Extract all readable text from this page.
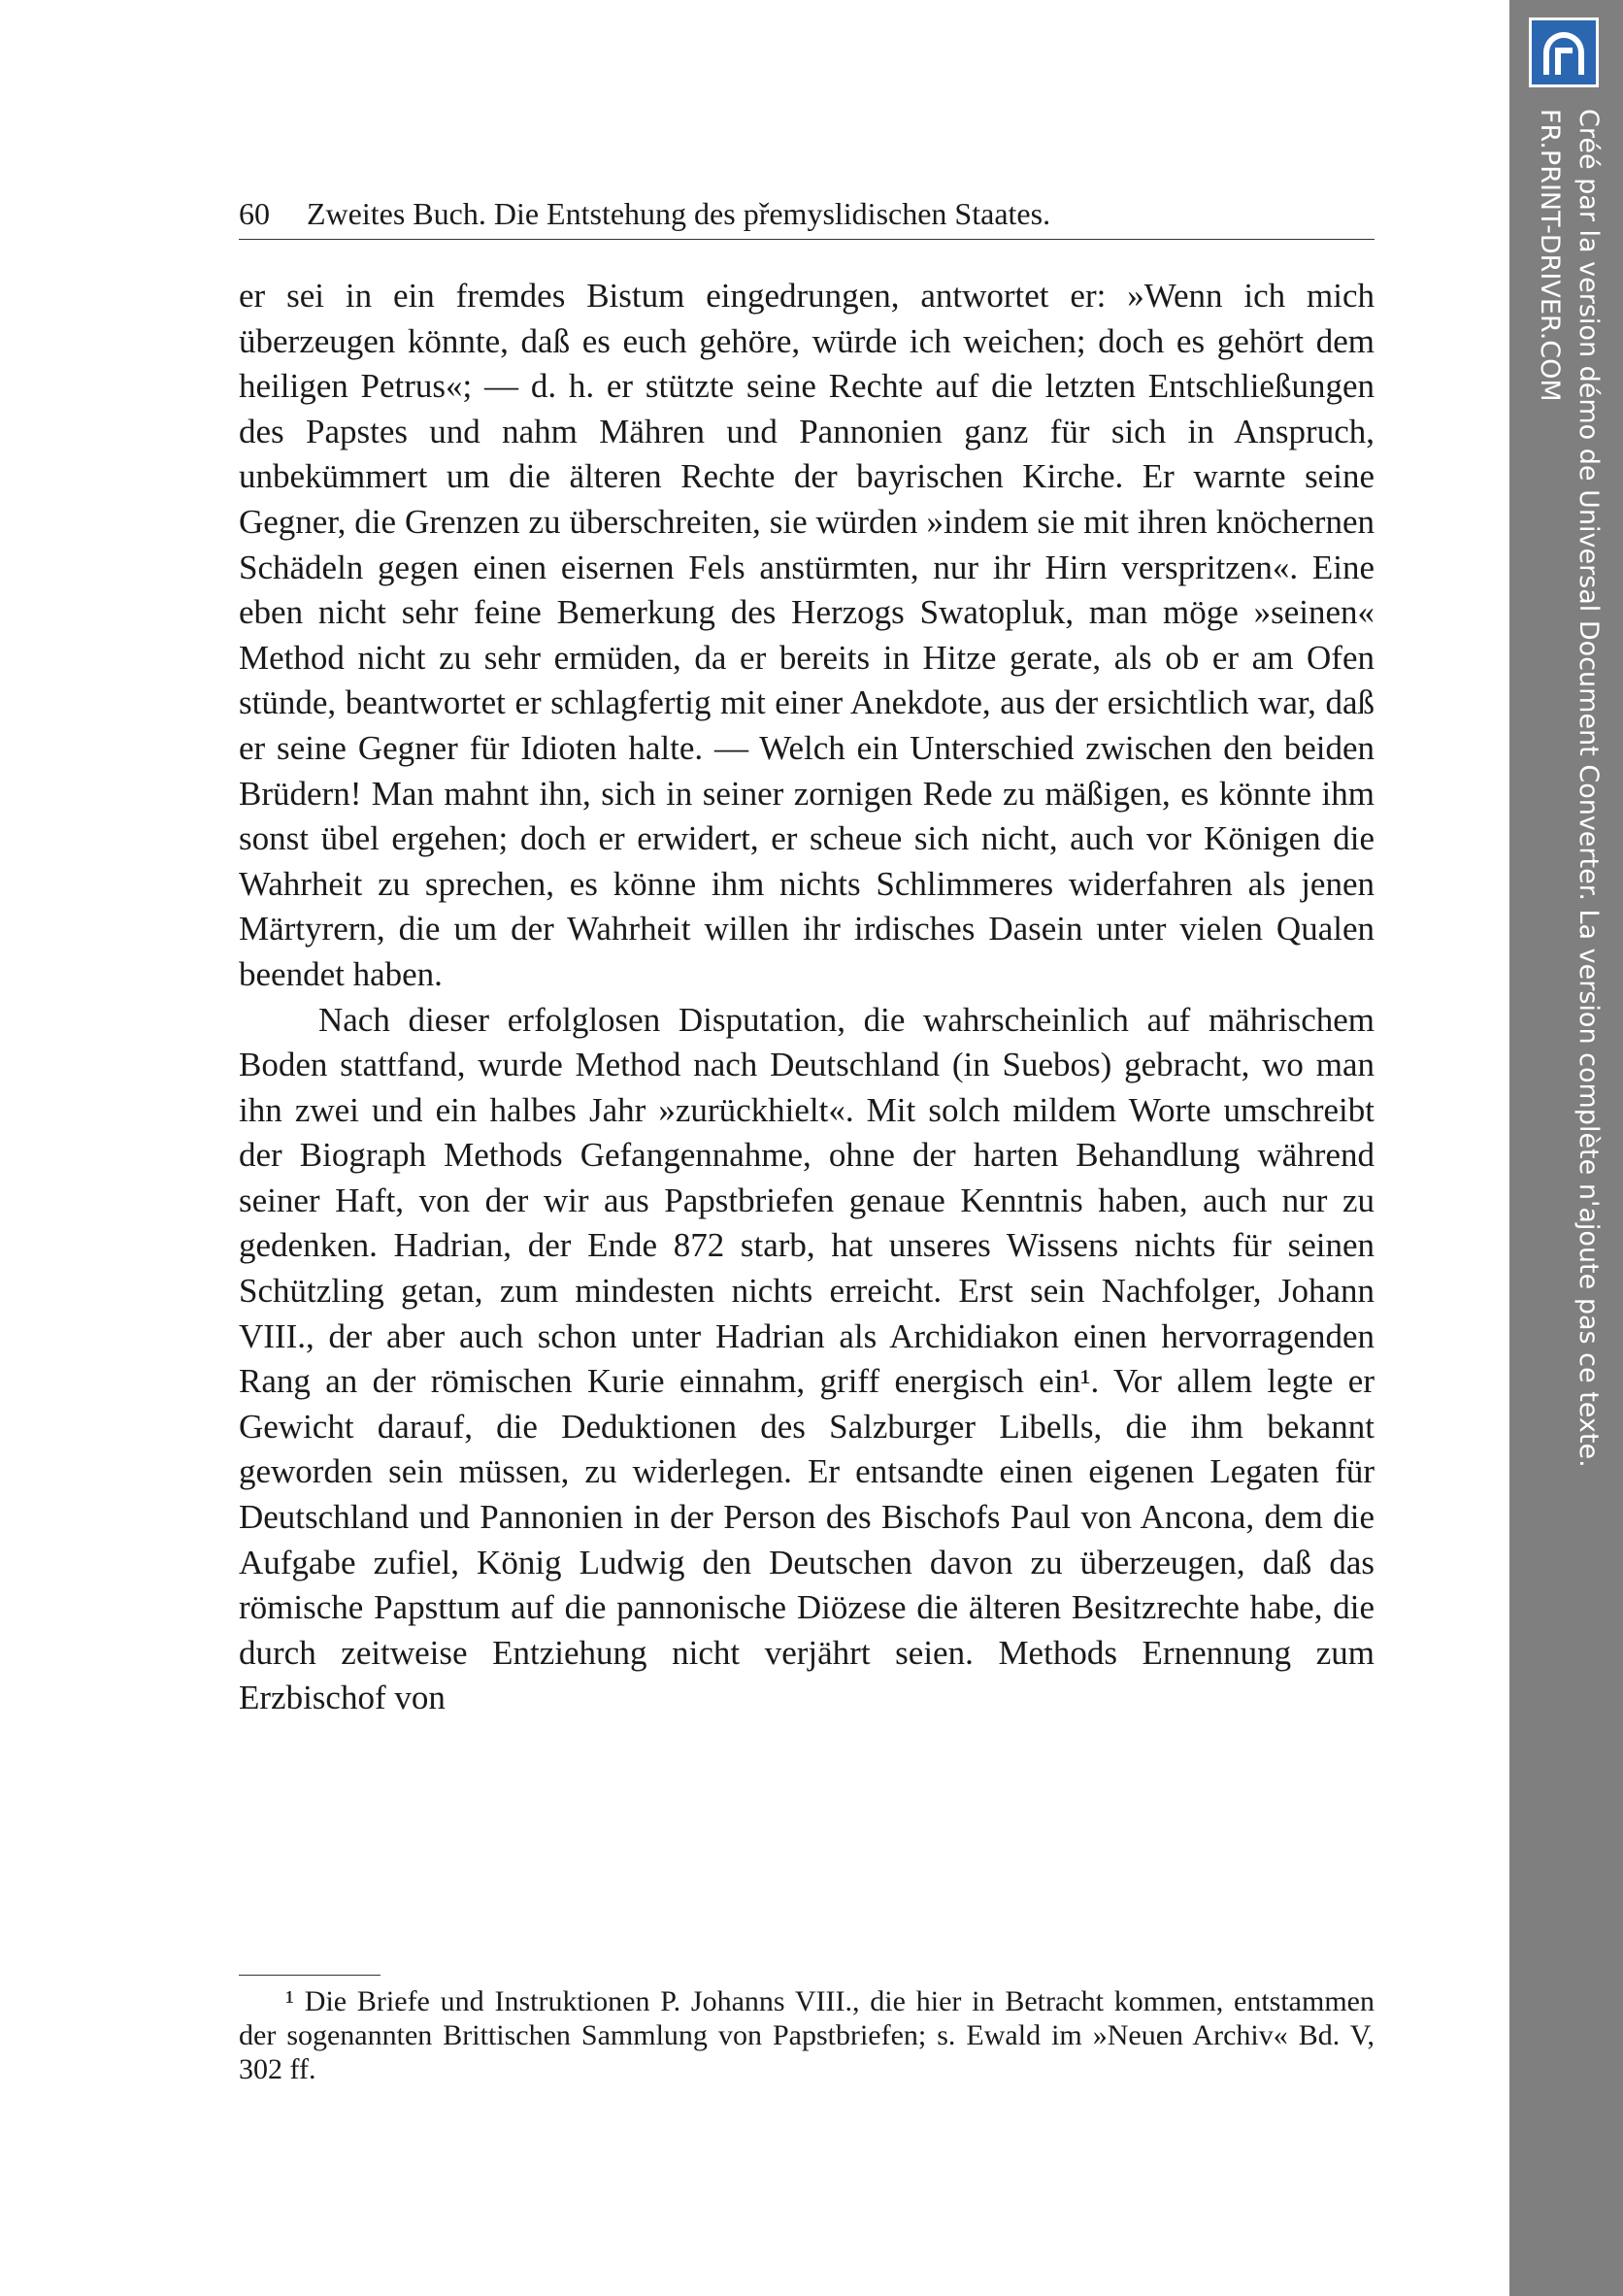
60 Zweites Buch. Die Entstehung des přemyslidischen Staates.

er sei in ein fremdes Bistum eingedrungen, antwortet er: »Wenn ich mich überzeugen könnte, daß es euch gehöre, würde ich weichen; doch es gehört dem heiligen Petrus«; — d. h. er stützte seine Rechte auf die letzten Entschließungen des Papstes und nahm Mähren und Pannonien ganz für sich in Anspruch, unbekümmert um die älteren Rechte der bayrischen Kirche. Er warnte seine Gegner, die Grenzen zu überschreiten, sie würden »indem sie mit ihren knöchernen Schädeln gegen einen eisernen Fels anstürmten, nur ihr Hirn verspritzen«. Eine eben nicht sehr feine Bemerkung des Herzogs Swatopluk, man möge »seinen« Method nicht zu sehr ermüden, da er bereits in Hitze gerate, als ob er am Ofen stünde, beantwortet er schlagfertig mit einer Anekdote, aus der ersichtlich war, daß er seine Gegner für Idioten halte. — Welch ein Unterschied zwischen den beiden Brüdern! Man mahnt ihn, sich in seiner zornigen Rede zu mäßigen, es könnte ihm sonst übel ergehen; doch er erwidert, er scheue sich nicht, auch vor Königen die Wahrheit zu sprechen, es könne ihm nichts Schlimmeres widerfahren als jenen Märtyrern, die um der Wahrheit willen ihr irdisches Dasein unter vielen Qualen beendet haben.

Nach dieser erfolglosen Disputation, die wahrscheinlich auf mährischem Boden stattfand, wurde Method nach Deutschland (in Suebos) gebracht, wo man ihn zwei und ein halbes Jahr »zurückhielt«. Mit solch mildem Worte umschreibt der Biograph Methods Gefangennahme, ohne der harten Behandlung während seiner Haft, von der wir aus Papstbriefen genaue Kenntnis haben, auch nur zu gedenken. Hadrian, der Ende 872 starb, hat unseres Wissens nichts für seinen Schützling getan, zum mindesten nichts erreicht. Erst sein Nachfolger, Johann VIII., der aber auch schon unter Hadrian als Archidiakon einen hervorragenden Rang an der römischen Kurie einnahm, griff energisch ein¹. Vor allem legte er Gewicht darauf, die Deduktionen des Salzburger Libells, die ihm bekannt geworden sein müssen, zu widerlegen. Er entsandte einen eigenen Legaten für Deutschland und Pannonien in der Person des Bischofs Paul von Ancona, dem die Aufgabe zufiel, König Ludwig den Deutschen davon zu überzeugen, daß das römische Papsttum auf die pannonische Diözese die älteren Besitzrechte habe, die durch zeitweise Entziehung nicht verjährt seien. Methods Ernennung zum Erzbischof von

¹ Die Briefe und Instruktionen P. Johanns VIII., die hier in Betracht kommen, entstammen der sogenannten Brittischen Sammlung von Papstbriefen; s. Ewald im »Neuen Archiv« Bd. V, 302 ff.

Créé par la version démo de Universal Document Converter. La version complète n'ajoute pas ce texte.
FR.PRINT-DRIVER.COM
